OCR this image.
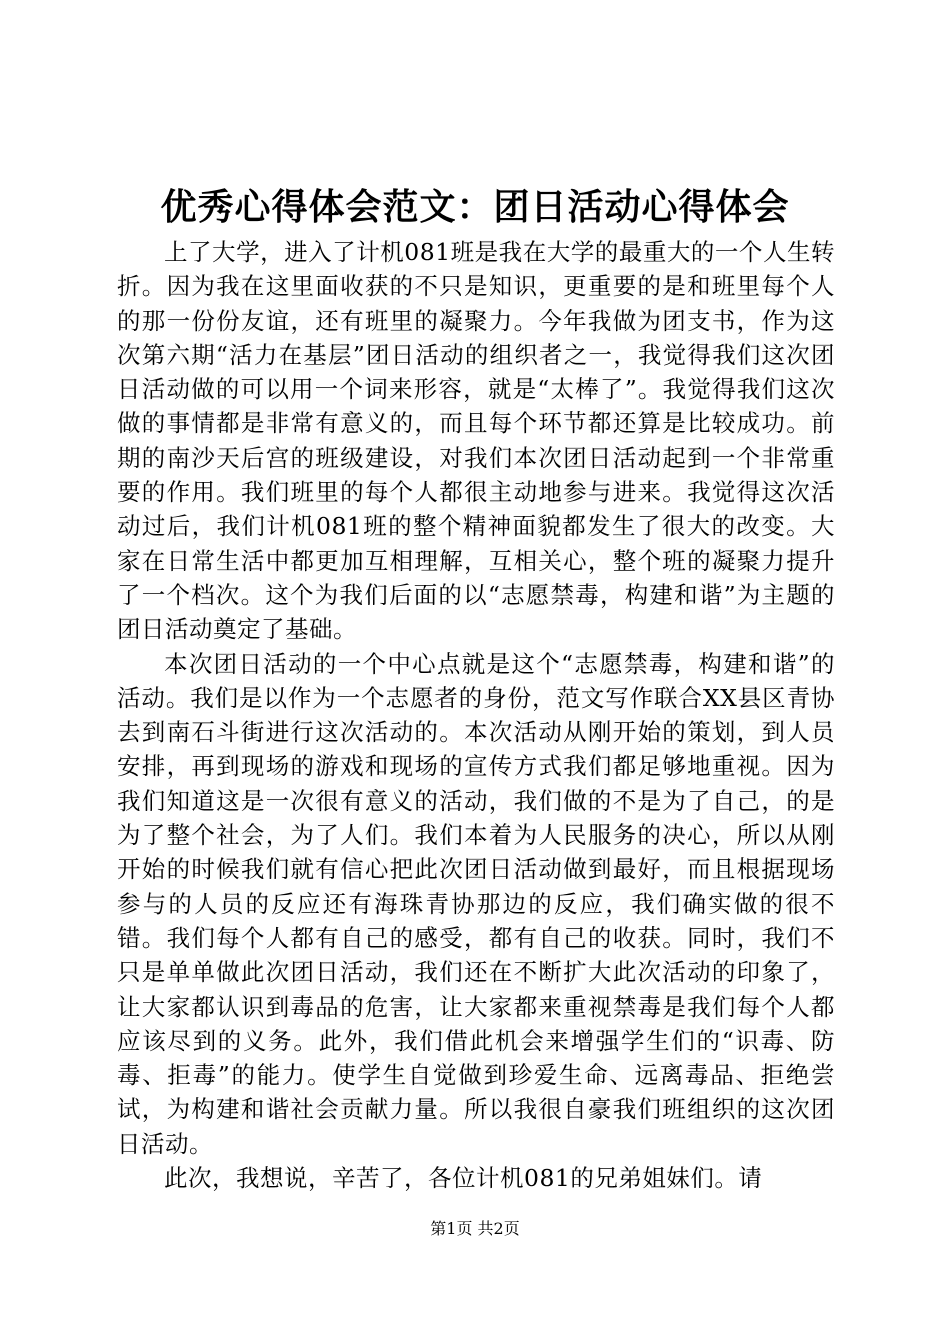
优秀心得体会范文：团日活动心得体会

上了大学，进入了计机081班是我在大学的最重大的一个人生转折。因为我在这里面收获的不只是知识，更重要的是和班里每个人的那一份份友谊，还有班里的凝聚力。今年我做为团支书，作为这次第六期“活力在基层”团日活动的组织者之一，我觉得我们这次团日活动做的可以用一个词来形容，就是“太棒了”。我觉得我们这次做的事情都是非常有意义的，而且每个环节都还算是比较成功。前期的南沙天后宫的班级建设，对我们本次团日活动起到一个非常重要的作用。我们班里的每个人都很主动地参与进来。我觉得这次活动过后，我们计机081班的整个精神面貌都发生了很大的改变。大家在日常生活中都更加互相理解，互相关心，整个班的凝聚力提升了一个档次。这个为我们后面的以“志愿禁毒，构建和谐”为主题的团日活动奠定了基础。

本次团日活动的一个中心点就是这个“志愿禁毒，构建和谐”的活动。我们是以作为一个志愿者的身份，范文写作联合XX县区青协去到南石斗街进行这次活动的。本次活动从刚开始的策划，到人员安排，再到现场的游戏和现场的宣传方式我们都足够地重视。因为我们知道这是一次很有意义的活动，我们做的不是为了自己，的是为了整个社会，为了人们。我们本着为人民服务的决心，所以从刚开始的时候我们就有信心把此次团日活动做到最好，而且根据现场参与的人员的反应还有海珠青协那边的反应，我们确实做的很不错。我们每个人都有自己的感受，都有自己的收获。同时，我们不只是单单做此次团日活动，我们还在不断扩大此次活动的印象了，让大家都认识到毒品的危害，让大家都来重视禁毒是我们每个人都应该尽到的义务。此外，我们借此机会来增强学生们的“识毒、防毒、拒毒”的能力。使学生自觉做到珍爱生命、远离毒品、拒绝尝试，为构建和谐社会贡献力量。所以我很自豪我们班组织的这次团日活动。

此次，我想说，辛苦了，各位计机081的兄弟姐妹们。请

第1页 共2页
